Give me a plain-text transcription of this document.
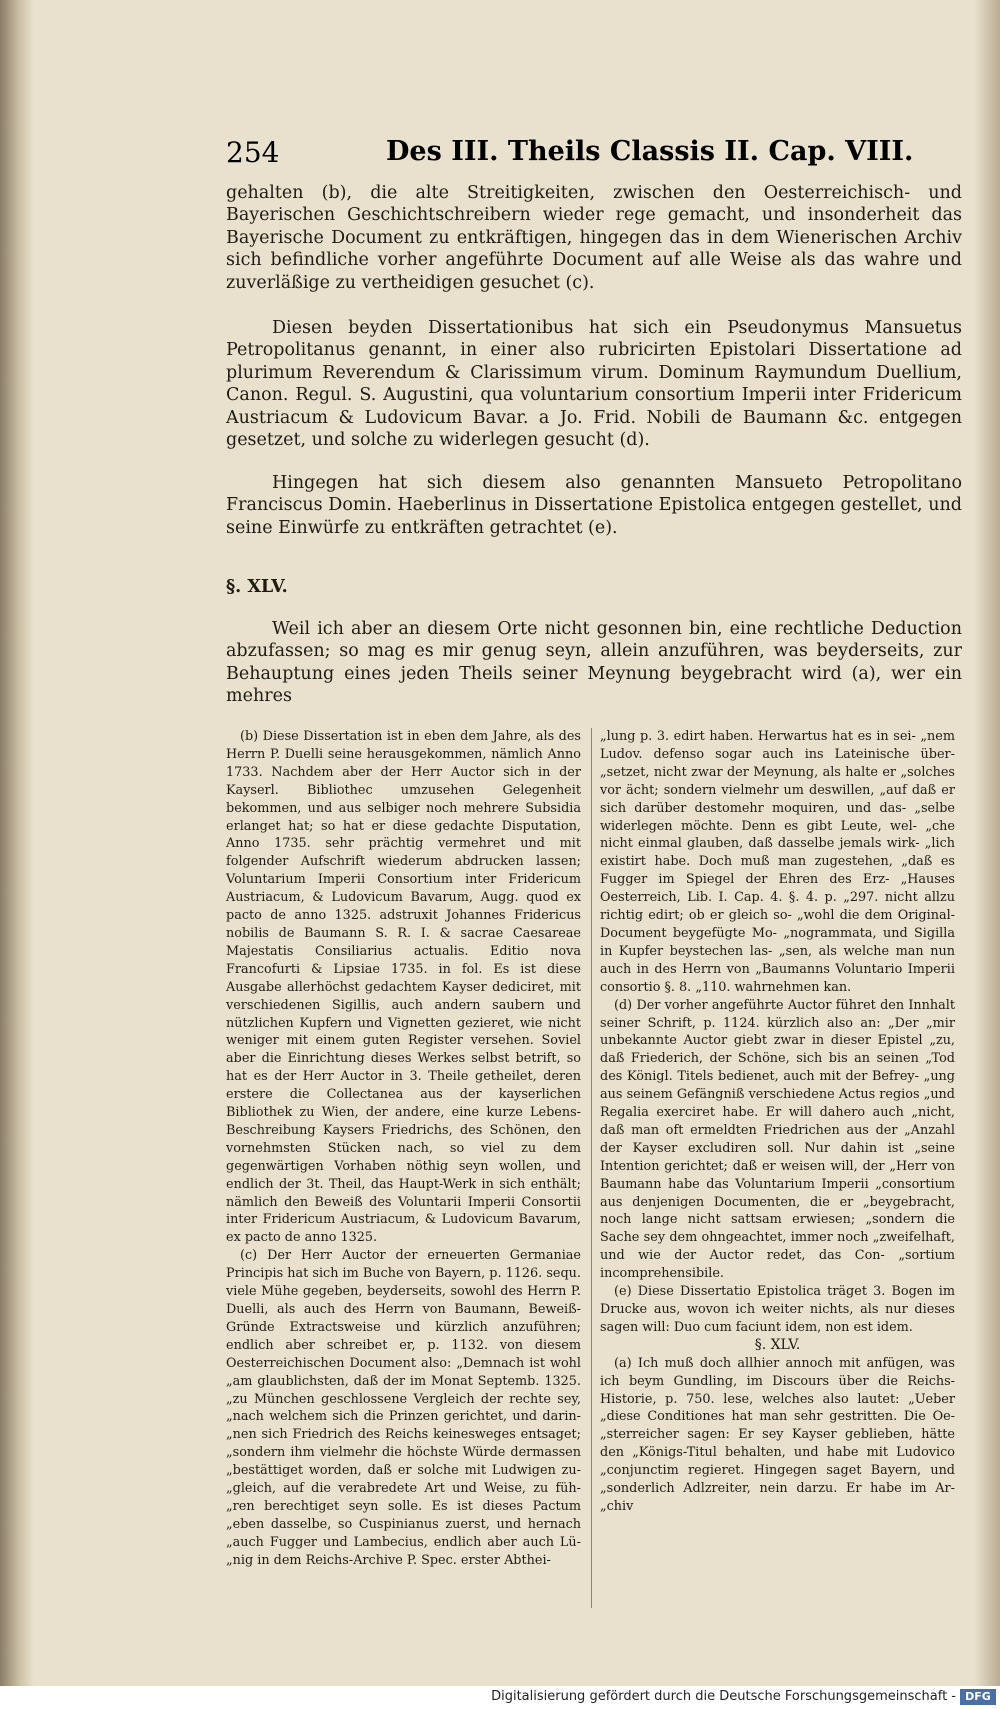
254	Des III. Theils Classis II. Cap. VIII.

gehalten (b), die alte Streitigkeiten, zwischen den Oesterreichisch- und Bayerischen Geschichtschreibern wieder rege gemacht, und insonderheit das Bayerische Document zu entkräftigen, hingegen das in dem Wienerischen Archiv sich befindliche vorher angeführte Document auf alle Weise als das wahre und zuverläßige zu vertheidigen gesuchet (c).

Diesen beyden Dissertationibus hat sich ein Pseudonymus Mansuetus Petropolitanus genannt, in einer also rubricirten Epistolari Dissertatione ad plurimum Reverendum & Clarissimum virum. Dominum Raymundum Duellium, Canon. Regul. S. Augustini, qua voluntarium consortium Imperii inter Fridericum Austriacum & Ludovicum Bavar. a Jo. Frid. Nobili de Baumann &c. entgegen gesetzet, und solche zu widerlegen gesucht (d).

Hingegen hat sich diesem also genannten Mansueto Petropolitano Franciscus Domin. Haeberlinus in Dissertatione Epistolica entgegen gestellet, und seine Einwürfe zu entkräften getrachtet (e).

§. XLV.

Weil ich aber an diesem Orte nicht gesonnen bin, eine rechtliche Deduction abzufassen; so mag es mir genug seyn, allein anzuführen, was beyderseits, zur Behauptung eines jeden Theils seiner Meynung beygebracht wird (a), wer ein mehres

(b) Diese Dissertation ist in eben dem Jahre, als des Herrn P. Duelli seine herausgekommen, nämlich Anno 1733. Nachdem aber der Herr Auctor sich in der Kayserl. Bibliothec umzusehen Gelegenheit bekommen, und aus selbiger noch mehrere Subsidia erlanget hat; so hat er diese gedachte Disputation, Anno 1735. sehr prächtig vermehret und mit folgender Aufschrift wiederum abdrucken lassen; Voluntarium Imperii Consortium inter Fridericum Austriacum, & Ludovicum Bavarum, Augg. quod ex pacto de anno 1325. adstruxit Johannes Fridericus nobilis de Baumann S. R. I. & sacrae Caesareae Majestatis Consiliarius actualis. Editio nova Francofurti & Lipsiae 1735. in fol. Es ist diese Ausgabe allerhöchst gedachtem Kayser dediciret, mit verschiedenen Sigillis, auch andern saubern und nützlichen Kupfern und Vignetten gezieret, wie nicht weniger mit einem guten Register versehen. Soviel aber die Einrichtung dieses Werkes selbst betrift, so hat es der Herr Auctor in 3. Theile getheilet, deren erstere die Collectanea aus der kayserlichen Bibliothek zu Wien, der andere, eine kurze Lebens-Beschreibung Kaysers Friedrichs, des Schönen, den vornehmsten Stücken nach, so viel zu dem gegenwärtigen Vorhaben nöthig seyn wollen, und endlich der 3t. Theil, das Haupt-Werk in sich enthält; nämlich den Beweiß des Voluntarii Imperii Consortii inter Fridericum Austriacum, & Ludovicum Bavarum, ex pacto de anno 1325.

(c) Der Herr Auctor der erneuerten Germaniae Principis hat sich im Buche von Bayern, p. 1126. sequ. viele Mühe gegeben, beyderseits, sowohl des Herrn P. Duelli, als auch des Herrn von Baumann, Beweiß-Gründe Extractsweise und kürzlich anzuführen; endlich aber schreibet er, p. 1132. von diesem Oesterreichischen Document also: „Demnach ist wohl „am glaublichsten, daß der im Monat Septemb. 1325. „zu München geschlossene Vergleich der rechte sey, „nach welchem sich die Prinzen gerichtet, und darin- „nen sich Friedrich des Reichs keinesweges entsaget; „sondern ihm vielmehr die höchste Würde dermassen „bestättiget worden, daß er solche mit Ludwigen zu- „gleich, auf die verabredete Art und Weise, zu füh- „ren berechtiget seyn solle. Es ist dieses Pactum „eben dasselbe, so Cuspinianus zuerst, und hernach „auch Fugger und Lambecius, endlich aber auch Lü- „nig in dem Reichs-Archive P. Spec. erster Abthei-

„lung p. 3. edirt haben. Herwartus hat es in sei- „nem Ludov. defenso sogar auch ins Lateinische über- „setzet, nicht zwar der Meynung, als halte er „solches vor ächt; sondern vielmehr um deswillen, „auf daß er sich darüber destomehr moquiren, und das- „selbe widerlegen möchte. Denn es gibt Leute, wel- „che nicht einmal glauben, daß dasselbe jemals wirk- „lich existirt habe. Doch muß man zugestehen, „daß es Fugger im Spiegel der Ehren des Erz- „Hauses Oesterreich, Lib. I. Cap. 4. §. 4. p. „297. nicht allzu richtig edirt; ob er gleich so- „wohl die dem Original-Document beygefügte Mo- „nogrammata, und Sigilla in Kupfer beystechen las- „sen, als welche man nun auch in des Herrn von „Baumanns Voluntario Imperii consortio §. 8. „110. wahrnehmen kan.

(d) Der vorher angeführte Auctor führet den Innhalt seiner Schrift, p. 1124. kürzlich also an: „Der „mir unbekannte Auctor giebt zwar in dieser Epistel „zu, daß Friederich, der Schöne, sich bis an seinen „Tod des Königl. Titels bedienet, auch mit der Befrey- „ung aus seinem Gefängniß verschiedene Actus regios „und Regalia exerciret habe. Er will dahero auch „nicht, daß man oft ermeldten Friedrichen aus der „Anzahl der Kayser excludiren soll. Nur dahin ist „seine Intention gerichtet; daß er weisen will, der „Herr von Baumann habe das Voluntarium Imperii „consortium aus denjenigen Documenten, die er „beygebracht, noch lange nicht sattsam erwiesen; „sondern die Sache sey dem ohngeachtet, immer noch „zweifelhaft, und wie der Auctor redet, das Con- „sortium incomprehensibile.

(e) Diese Dissertatio Epistolica träget 3. Bogen im Drucke aus, wovon ich weiter nichts, als nur dieses sagen will: Duo cum faciunt idem, non est idem.

§. XLV.

(a) Ich muß doch allhier annoch mit anfügen, was ich beym Gundling, im Discours über die Reichs-Historie, p. 750. lese, welches also lautet: „Ueber „diese Conditiones hat man sehr gestritten. Die Oe- „sterreicher sagen: Er sey Kayser geblieben, hätte den „Königs-Titul behalten, und habe mit Ludovico „conjunctim regieret. Hingegen saget Bayern, und „sonderlich Adlzreiter, nein darzu. Er habe im Ar- „chiv

Digitalisierung gefördert durch die Deutsche Forschungsgemeinschaft - DFG
